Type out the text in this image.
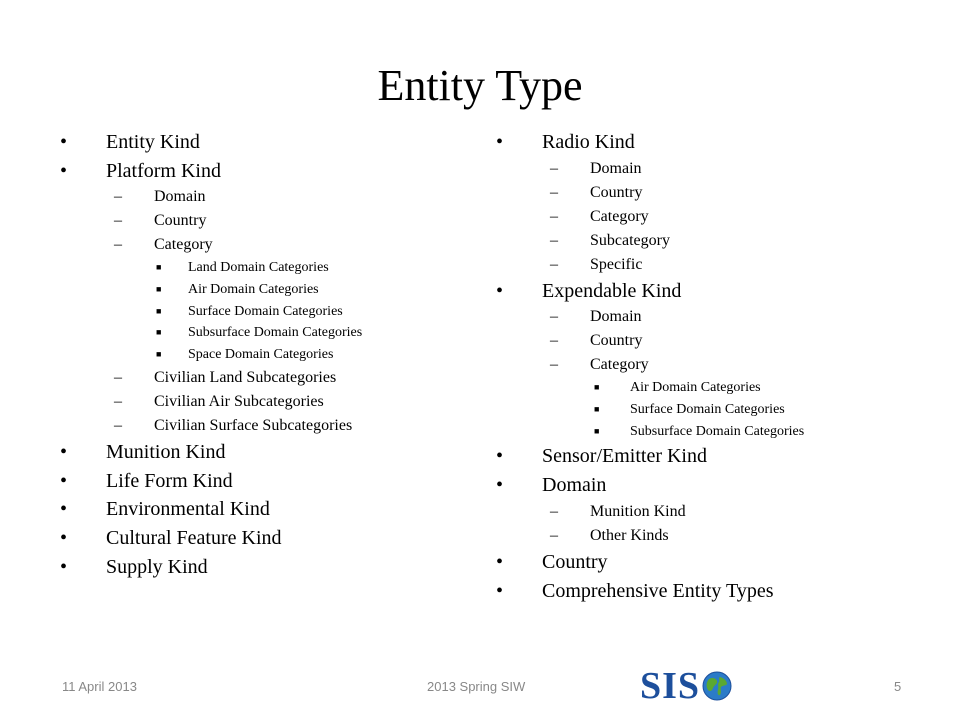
Entity Type
• Entity Kind
• Platform Kind
– Domain
– Country
– Category
■ Land Domain Categories
■ Air Domain Categories
■ Surface Domain Categories
■ Subsurface Domain Categories
■ Space Domain Categories
– Civilian Land Subcategories
– Civilian Air Subcategories
– Civilian Surface Subcategories
• Munition Kind
• Life Form Kind
• Environmental Kind
• Cultural Feature Kind
• Supply Kind
• Radio Kind
– Domain
– Country
– Category
– Subcategory
– Specific
• Expendable Kind
– Domain
– Country
– Category
■ Air Domain Categories
■ Surface Domain Categories
■ Subsurface Domain Categories
• Sensor/Emitter Kind
• Domain
– Munition Kind
– Other Kinds
• Country
• Comprehensive Entity Types
11 April 2013	2013 Spring SIW	5
SIS
